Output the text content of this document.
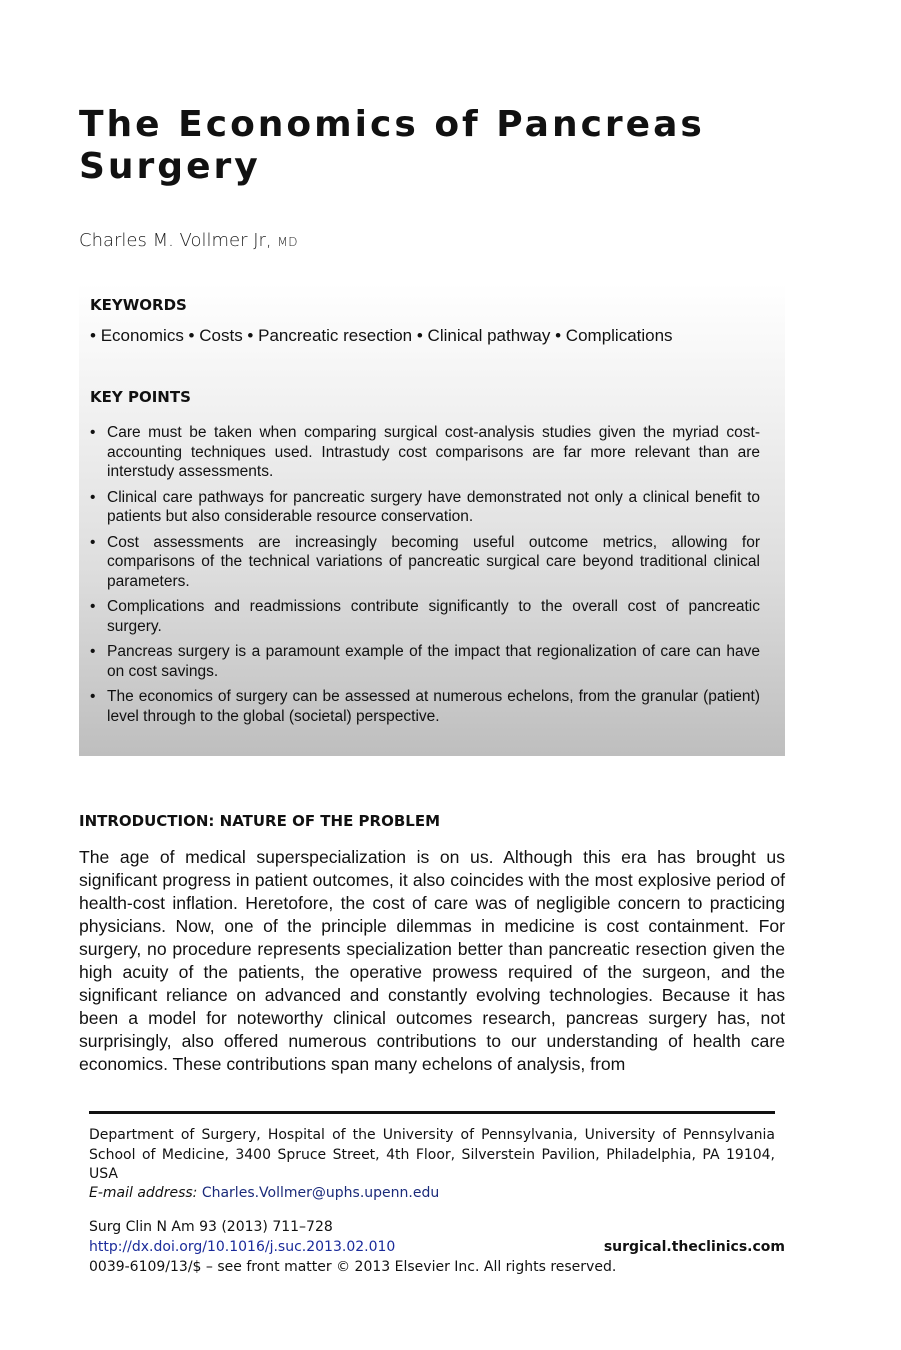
The Economics of Pancreas Surgery
Charles M. Vollmer Jr, MD
KEYWORDS
• Economics • Costs • Pancreatic resection • Clinical pathway • Complications
KEY POINTS
• Care must be taken when comparing surgical cost-analysis studies given the myriad cost-accounting techniques used. Intrastudy cost comparisons are far more relevant than are interstudy assessments.
• Clinical care pathways for pancreatic surgery have demonstrated not only a clinical benefit to patients but also considerable resource conservation.
• Cost assessments are increasingly becoming useful outcome metrics, allowing for comparisons of the technical variations of pancreatic surgical care beyond traditional clinical parameters.
• Complications and readmissions contribute significantly to the overall cost of pancreatic surgery.
• Pancreas surgery is a paramount example of the impact that regionalization of care can have on cost savings.
• The economics of surgery can be assessed at numerous echelons, from the granular (patient) level through to the global (societal) perspective.
INTRODUCTION: NATURE OF THE PROBLEM

The age of medical superspecialization is on us. Although this era has brought us significant progress in patient outcomes, it also coincides with the most explosive period of health-cost inflation. Heretofore, the cost of care was of negligible concern to practicing physicians. Now, one of the principle dilemmas in medicine is cost containment. For surgery, no procedure represents specialization better than pancreatic resection given the high acuity of the patients, the operative prowess required of the surgeon, and the significant reliance on advanced and constantly evolving technologies. Because it has been a model for noteworthy clinical outcomes research, pancreas surgery has, not surprisingly, also offered numerous contributions to our understanding of health care economics. These contributions span many echelons of analysis, from

Department of Surgery, Hospital of the University of Pennsylvania, University of Pennsylvania School of Medicine, 3400 Spruce Street, 4th Floor, Silverstein Pavilion, Philadelphia, PA 19104, USA

E-mail address: Charles.Vollmer@uphs.upenn.edu
Surg Clin N Am 93 (2013) 711–728
http://dx.doi.org/10.1016/j.suc.2013.02.010	surgical.theclinics.com
0039-6109/13/$ – see front matter © 2013 Elsevier Inc. All rights reserved.
